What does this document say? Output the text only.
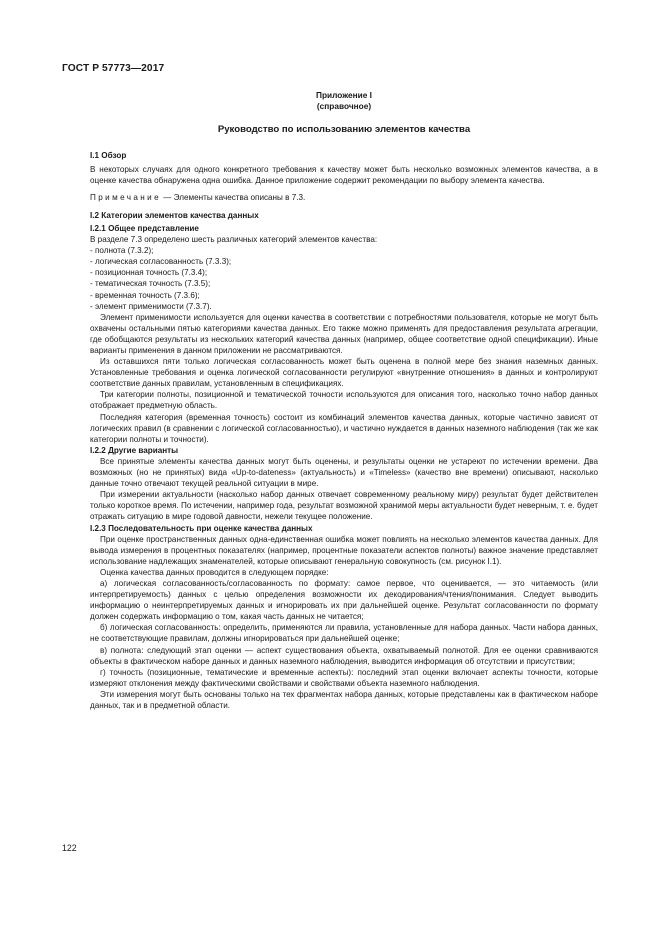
ГОСТ Р 57773—2017
Приложение I
(справочное)
Руководство по использованию элементов качества
I.1 Обзор

В некоторых случаях для одного конкретного требования к качеству может быть несколько возможных элементов качества, а в оценке качества обнаружена одна ошибка. Данное приложение содержит рекомендации по выбору элемента качества.

Примечание — Элементы качества описаны в 7.3.

I.2 Категории элементов качества данных
I.2.1 Общее представление

В разделе 7.3 определено шесть различных категорий элементов качества:

- полнота (7.3.2);
- логическая согласованность (7.3.3);
- позиционная точность (7.3.4);
- тематическая точность (7.3.5);
- временная точность (7.3.6);
- элемент применимости (7.3.7).

Элемент применимости используется для оценки качества в соответствии с потребностями пользователя, которые не могут быть охвачены остальными пятью категориями качества данных. Его также можно применять для предоставления результата агрегации, где обобщаются результаты из нескольких категорий качества данных (например, общее соответствие одной спецификации). Иные варианты применения в данном приложении не рассматриваются.

Из оставшихся пяти только логическая согласованность может быть оценена в полной мере без знания наземных данных. Установленные требования и оценка логической согласованности регулируют «внутренние отношения» в данных и контролируют соответствие данных правилам, установленным в спецификациях.

Три категории полноты, позиционной и тематической точности используются для описания того, насколько точно набор данных отображает предметную область.

Последняя категория (временная точность) состоит из комбинаций элементов качества данных, которые частично зависят от логических правил (в сравнении с логической согласованностью), и частично нуждается в данных наземного наблюдения (так же как категории полноты и точности).

I.2.2 Другие варианты

Все принятые элементы качества данных могут быть оценены, и результаты оценки не устареют по истечении времени. Два возможных (но не принятых) вида «Up-to-dateness» (актуальность) и «Timeless» (качество вне времени) описывают, насколько данные точно отвечают текущей реальной ситуации в мире.

При измерении актуальности (насколько набор данных отвечает современному реальному миру) результат будет действителен только короткое время. По истечении, например года, результат возможной хранимой меры актуальности будет неверным, т. е. будет отражать ситуацию в мире годовой давности, нежели текущее положение.

I.2.3 Последовательность при оценке качества данных

При оценке пространственных данных одна-единственная ошибка может повлиять на несколько элементов качества данных. Для вывода измерения в процентных показателях (например, процентные показатели аспектов полноты) важное значение представляет использование надлежащих знаменателей, которые описывают генеральную совокупность (см. рисунок I.1).

Оценка качества данных проводится в следующем порядке:

а) логическая согласованность/согласованность по формату: самое первое, что оценивается, — это читаемость (или интерпретируемость) данных с целью определения возможности их декодирования/чтения/понимания. Следует выводить информацию о неинтерпретируемых данных и игнорировать их при дальнейшей оценке. Результат согласованности по формату должен содержать информацию о том, какая часть данных не читается;

б) логическая согласованность: определить, применяются ли правила, установленные для набора данных. Части набора данных, не соответствующие правилам, должны игнорироваться при дальнейшей оценке;

в) полнота: следующий этап оценки — аспект существования объекта, охватываемый полнотой. Для ее оценки сравниваются объекты в фактическом наборе данных и данных наземного наблюдения, выводится информация об отсутствии и присутствии;

г) точность (позиционные, тематические и временные аспекты): последний этап оценки включает аспекты точности, которые измеряют отклонения между фактическими свойствами и свойствами объекта наземного наблюдения.

Эти измерения могут быть основаны только на тех фрагментах набора данных, которые представлены как в фактическом наборе данных, так и в предметной области.

122
